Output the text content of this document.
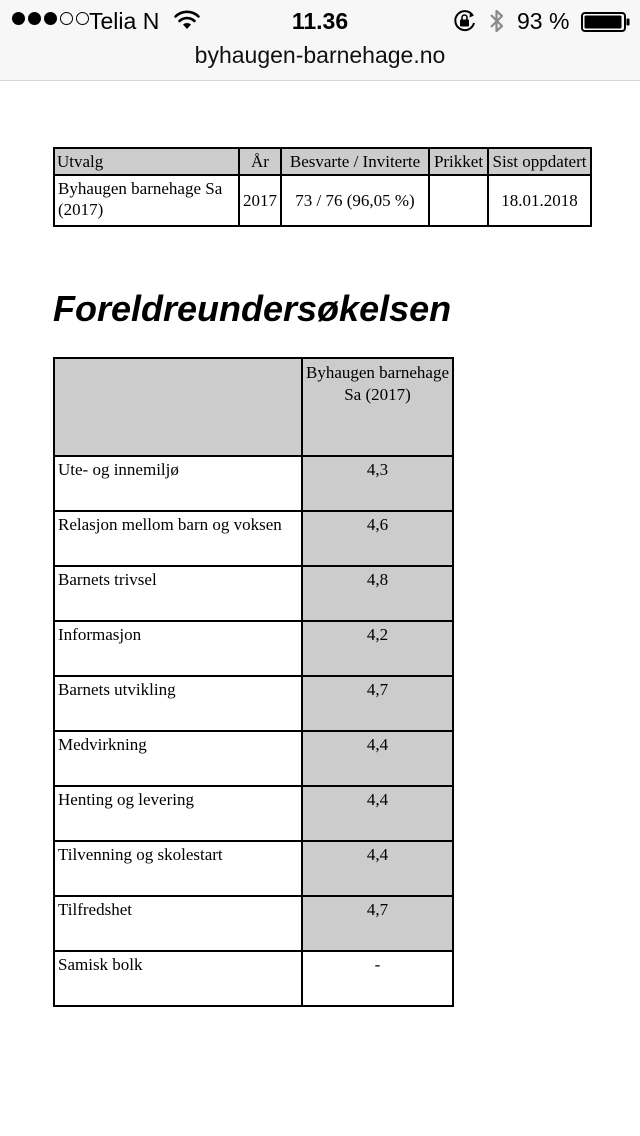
Telia N	11.36	93 %
byhaugen-barnehage.no
Utvalg	År	Besvarte / Inviterte	Prikket	Sist oppdatert
Byhaugen barnehage Sa (2017)	2017	73 / 76 (96,05 %)		18.01.2018
Foreldreundersøkelsen
	Byhaugen barnehage Sa (2017)
Ute- og innemiljø	4,3
Relasjon mellom barn og voksen	4,6
Barnets trivsel	4,8
Informasjon	4,2
Barnets utvikling	4,7
Medvirkning	4,4
Henting og levering	4,4
Tilvenning og skolestart	4,4
Tilfredshet	4,7
Samisk bolk	-
